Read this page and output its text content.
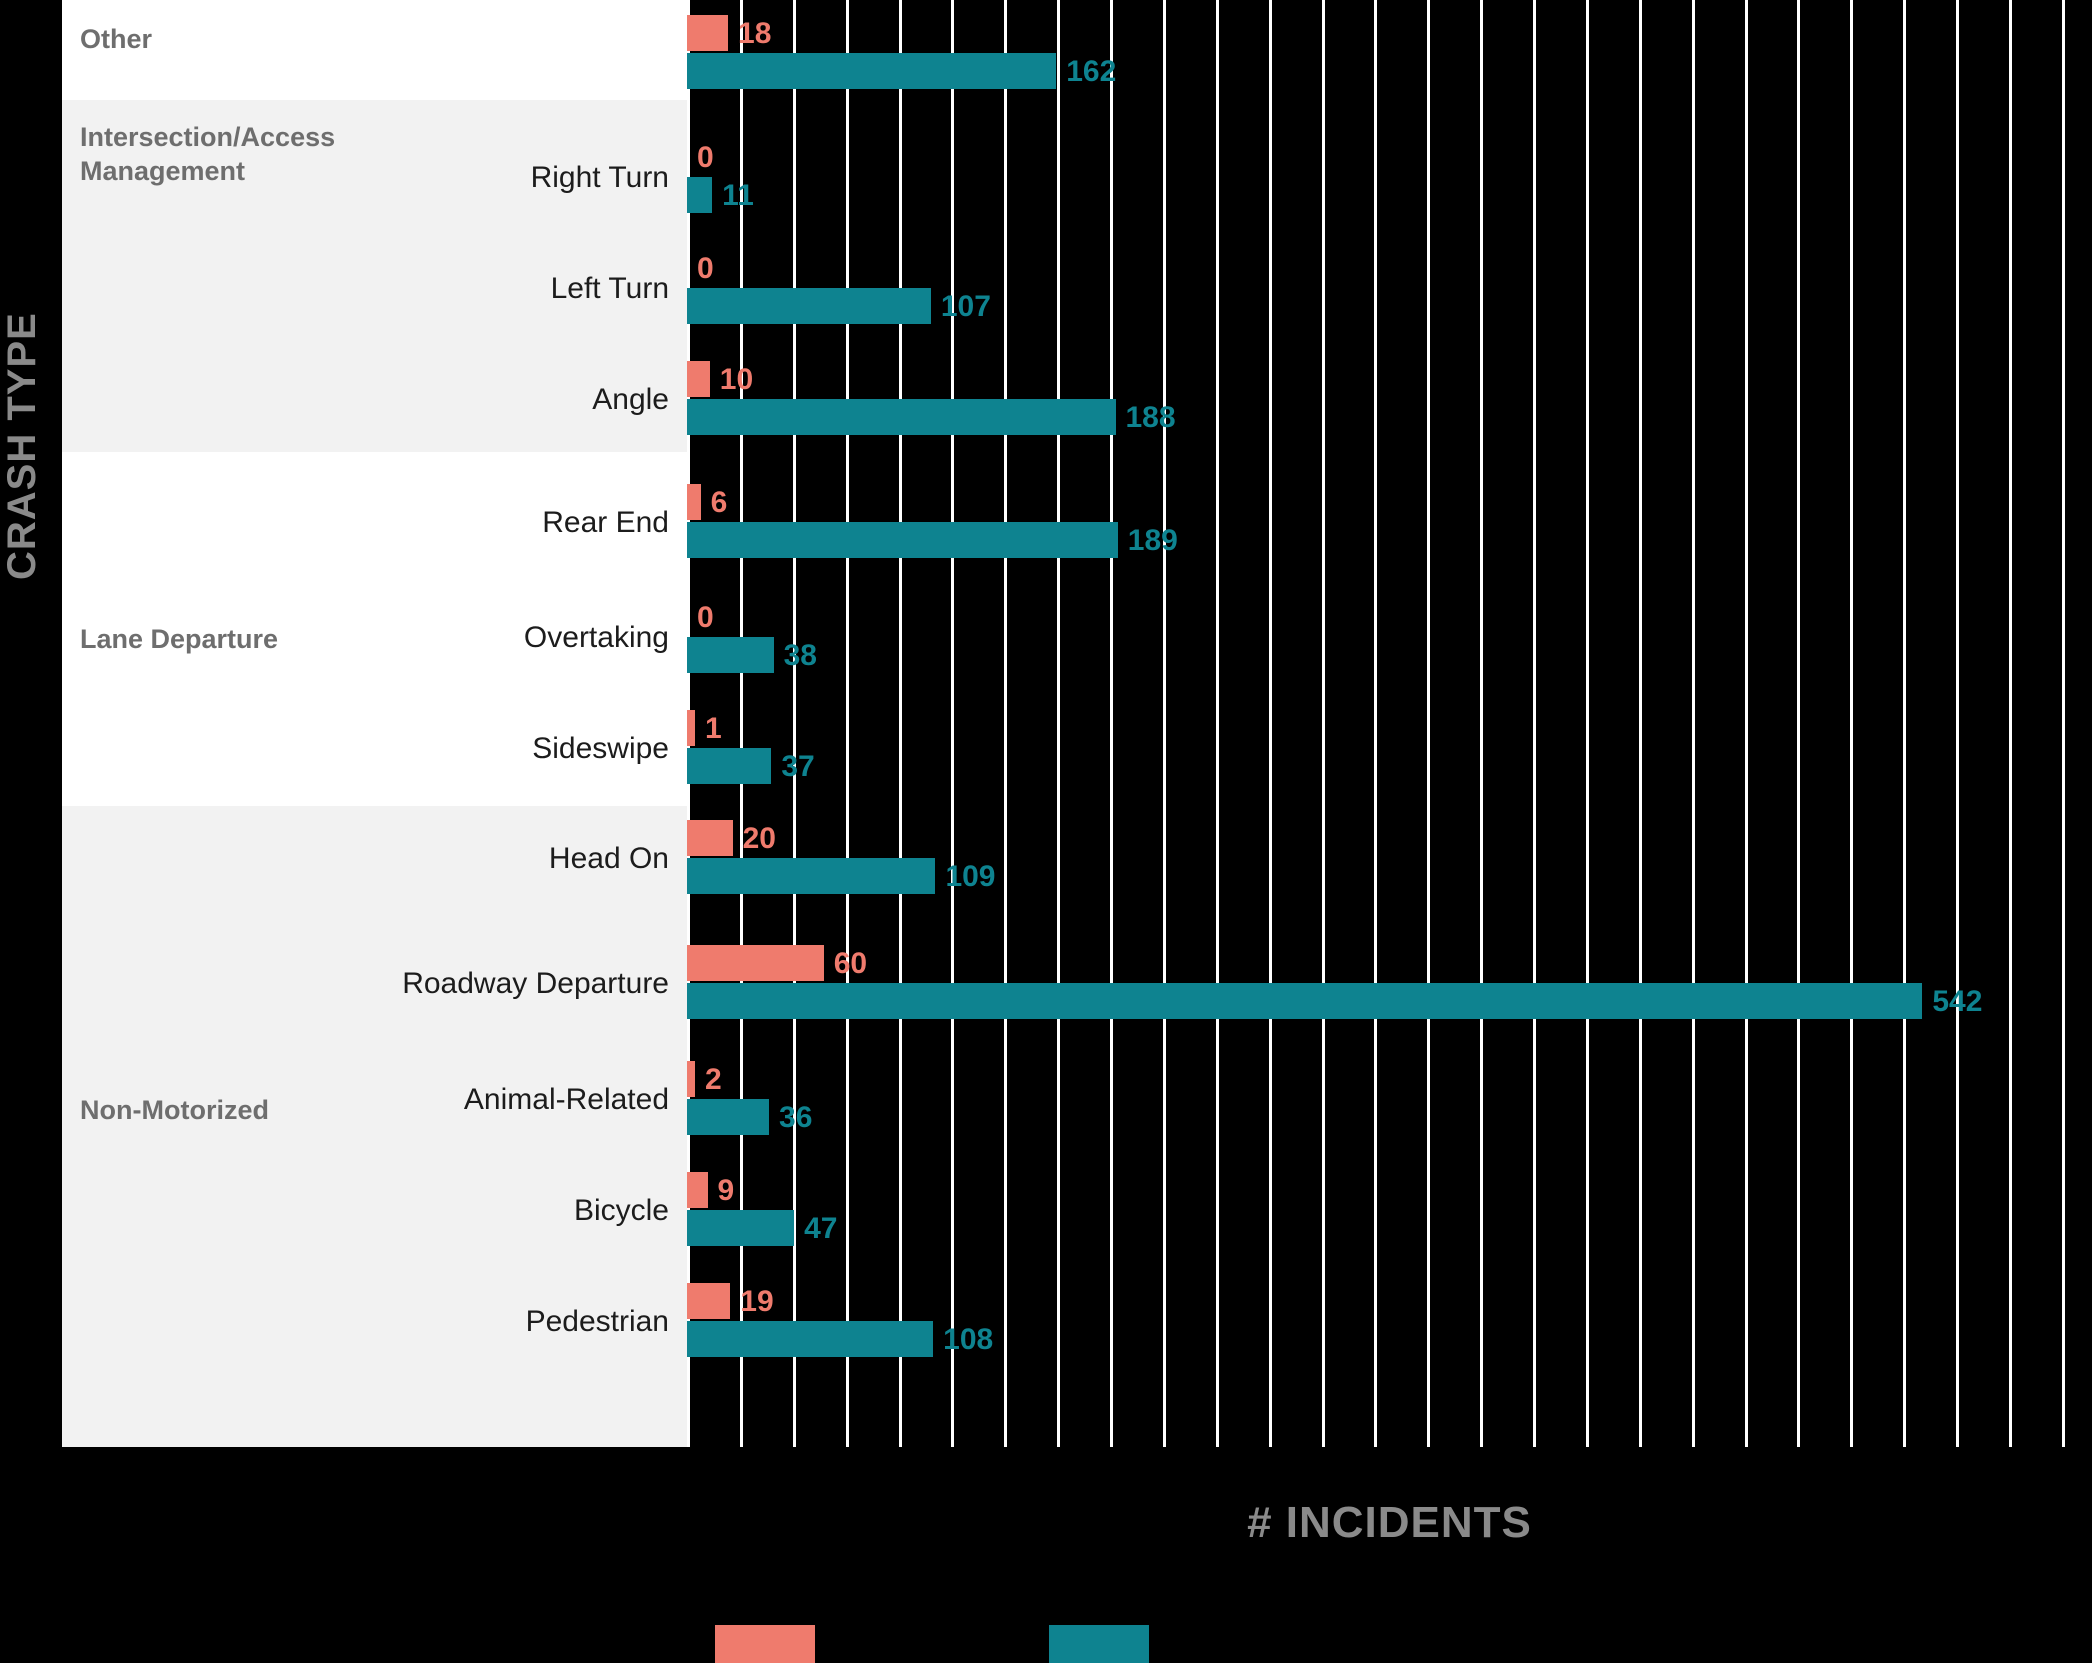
CRASH TYPE
Other
Intersection/Access Management
Lane Departure
Non-Motorized
Right Turn
Left Turn
Angle
Rear End
Overtaking
Sideswipe
Head On
Roadway Departure
Animal-Related
Bicycle
Pedestrian
18
162
0
11
0
107
10
188
6
189
0
38
1
37
20
109
60
542
2
36
9
47
19
108
# INCIDENTS
